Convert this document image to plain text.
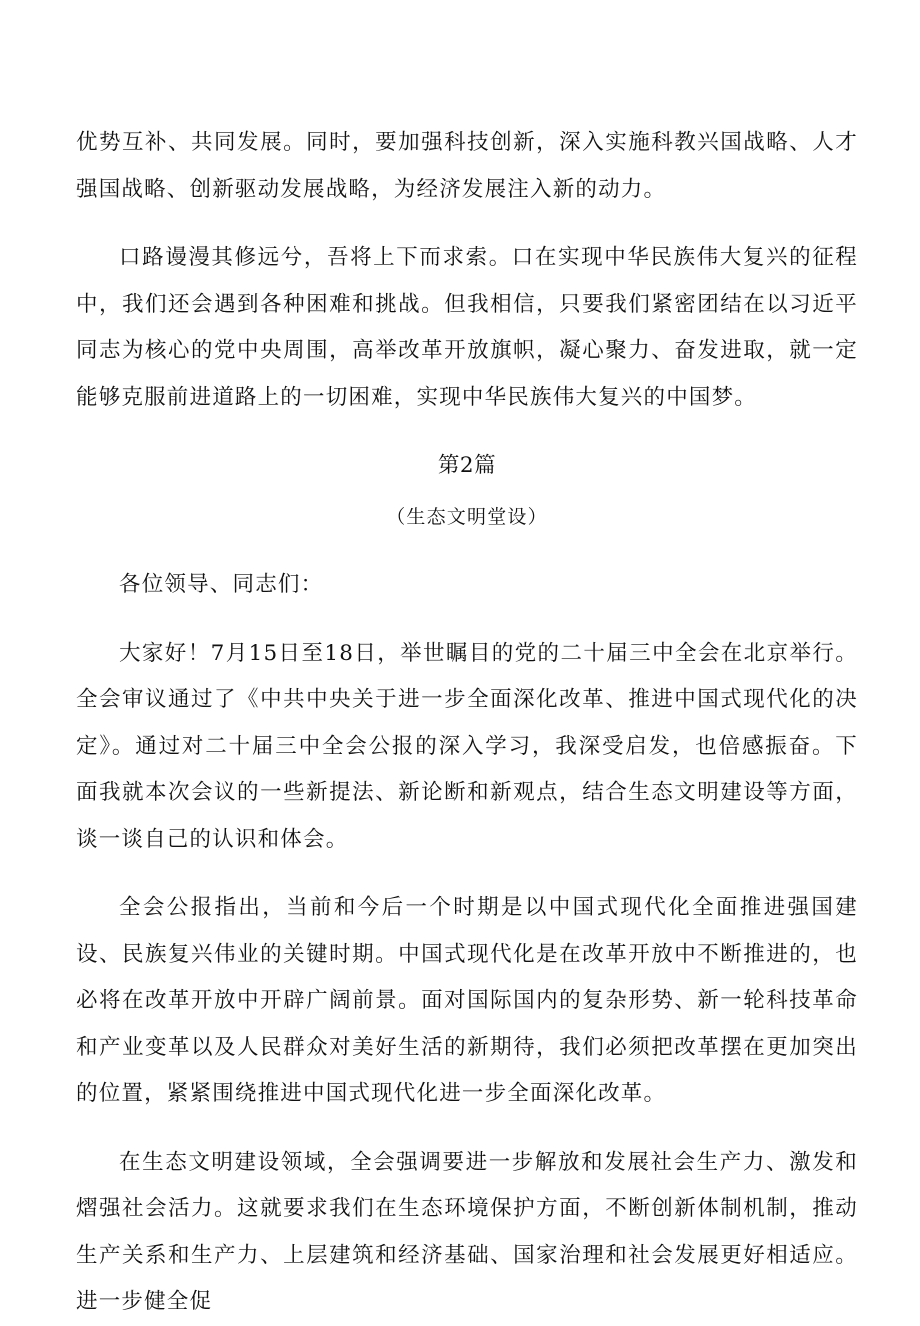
优势互补、共同发展。同时，要加强科技创新，深入实施科教兴国战略、人才强国战略、创新驱动发展战略，为经济发展注入新的动力。

口路谩漫其修远兮，吾将上下而求索。口在实现中华民族伟大复兴的征程中，我们还会遇到各种困难和挑战。但我相信，只要我们紧密团结在以习近平同志为核心的党中央周围，高举改革开放旗帜，凝心聚力、奋发进取，就一定能够克服前进道路上的一切困难，实现中华民族伟大复兴的中国梦。

第2篇

（生态文明堂设）

各位领导、同志们：

大家好！7月15日至18日，举世瞩目的党的二十届三中全会在北京举行。全会审议通过了《中共中央关于进一步全面深化改革、推进中国式现代化的决定》。通过对二十届三中全会公报的深入学习，我深受启发，也倍感振奋。下面我就本次会议的一些新提法、新论断和新观点，结合生态文明建设等方面，谈一谈自己的认识和体会。

全会公报指出，当前和今后一个时期是以中国式现代化全面推进强国建设、民族复兴伟业的关键时期。中国式现代化是在改革开放中不断推进的，也必将在改革开放中开辟广阔前景。面对国际国内的复杂形势、新一轮科技革命和产业变革以及人民群众对美好生活的新期待，我们必须把改革摆在更加突出的位置，紧紧围绕推进中国式现代化进一步全面深化改革。

在生态文明建设领域，全会强调要进一步解放和发展社会生产力、激发和熠强社会活力。这就要求我们在生态环境保护方面，不断创新体制机制，推动生产关系和生产力、上层建筑和经济基础、国家治理和社会发展更好相适应。进一步健全促
